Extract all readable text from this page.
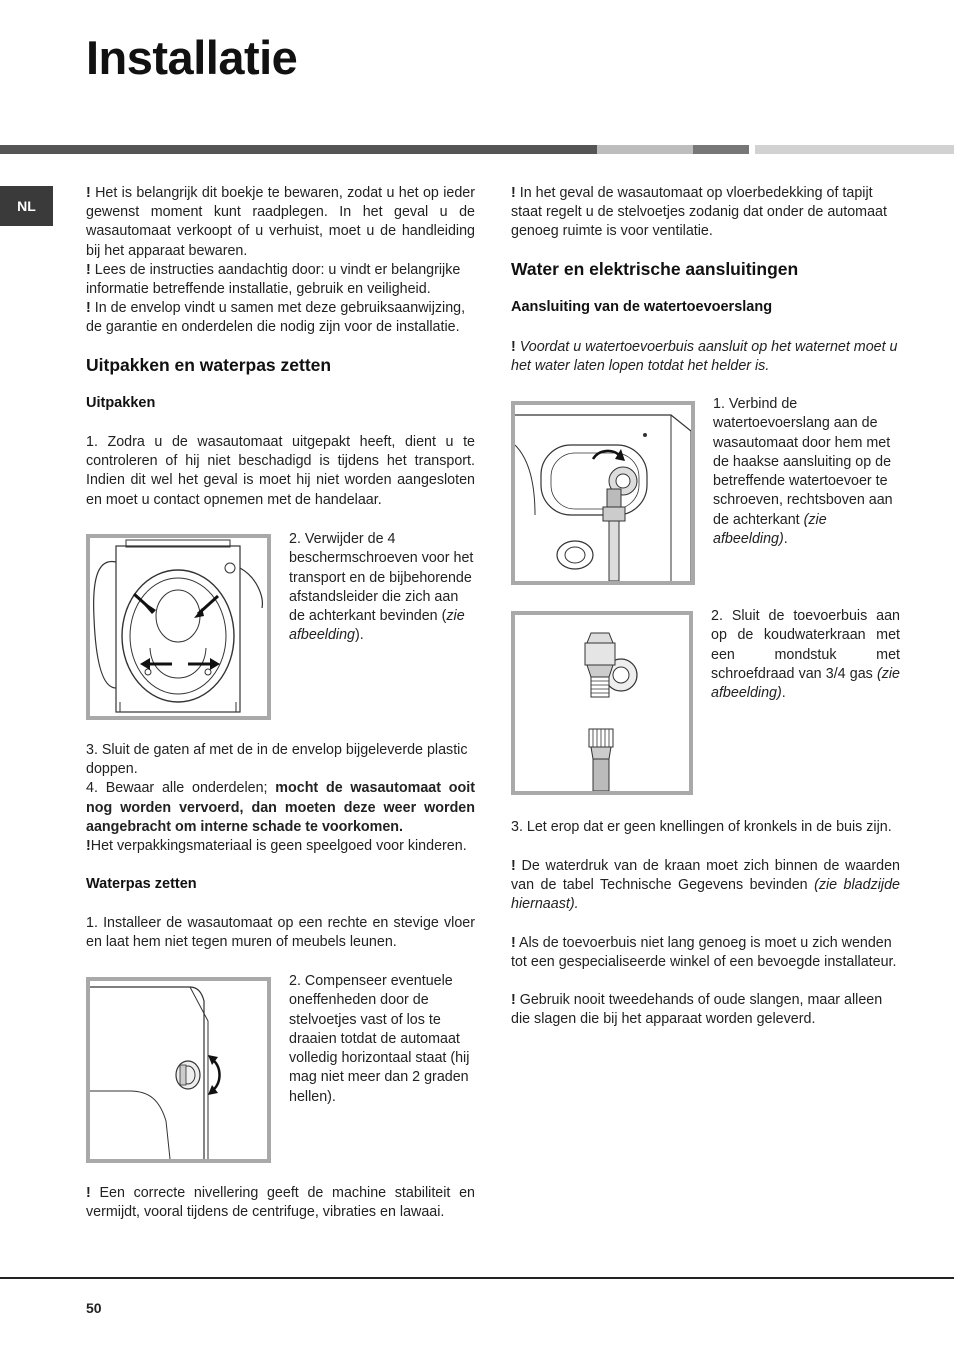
Installatie
NL

! Het is belangrijk dit boekje te bewaren, zodat u het op ieder gewenst moment kunt raadplegen. In het geval u de wasautomaat verkoopt of u verhuist, moet u de handleiding bij het apparaat bewaren.

! Lees de instructies aandachtig door: u vindt er belangrijke informatie betreffende installatie, gebruik en veiligheid.

! In de envelop vindt u samen met deze gebruiksaanwijzing, de garantie en onderdelen die nodig zijn voor de installatie.

Uitpakken en waterpas zetten
Uitpakken
1. Zodra u de wasautomaat uitgepakt heeft, dient u te controleren of hij niet beschadigd is tijdens het transport. Indien dit wel het geval is moet hij niet worden aangesloten en moet u contact opnemen met de handelaar.

2. Verwijder de 4 beschermschroeven voor het transport en de bijbehorende afstandsleider die zich aan de achterkant bevinden (zie afbeelding).

3. Sluit de gaten af met de in de envelop bijgeleverde plastic doppen.

4. Bewaar alle onderdelen; mocht de wasautomaat ooit nog worden vervoerd, dan moeten deze weer worden aangebracht om interne schade te voorkomen.

!Het verpakkingsmateriaal is geen speelgoed voor kinderen.

Waterpas zetten
1. Installeer de wasautomaat op een rechte en stevige vloer en laat hem niet tegen muren of meubels leunen.
2. Compenseer eventuele oneffenheden door de stelvoetjes vast of los te draaien totdat de automaat volledig horizontaal staat (hij mag niet meer dan 2 graden hellen).

! Een correcte nivellering geeft de machine stabiliteit en vermijdt, vooral tijdens de centrifuge, vibraties en lawaai.

! In het geval de wasautomaat op vloerbedekking of tapijt staat regelt u de stelvoetjes zodanig dat onder de automaat genoeg ruimte is voor ventilatie.

Water en elektrische aansluitingen
Aansluiting van de watertoevoerslang

! Voordat u watertoevoerbuis aansluit op het waternet moet u het water laten lopen totdat het helder is.

1. Verbind de watertoevoerslang aan de wasautomaat door hem met de haakse aansluiting op de betreffende watertoevoer te schroeven, rechtsboven aan de achterkant (zie afbeelding).

2. Sluit de toevoerbuis aan op de koudwaterkraan met een mondstuk met schroefdraad van 3/4 gas (zie afbeelding).

3. Let erop dat er geen knellingen of kronkels in de buis zijn.

! De waterdruk van de kraan moet zich binnen de waarden van de tabel Technische Gegevens bevinden (zie bladzijde hiernaast).

! Als de toevoerbuis niet lang genoeg is moet u zich wenden tot een gespecialiseerde winkel of een bevoegde installateur.

! Gebruik nooit tweedehands of oude slangen, maar alleen die slagen die bij het apparaat worden geleverd.

50
